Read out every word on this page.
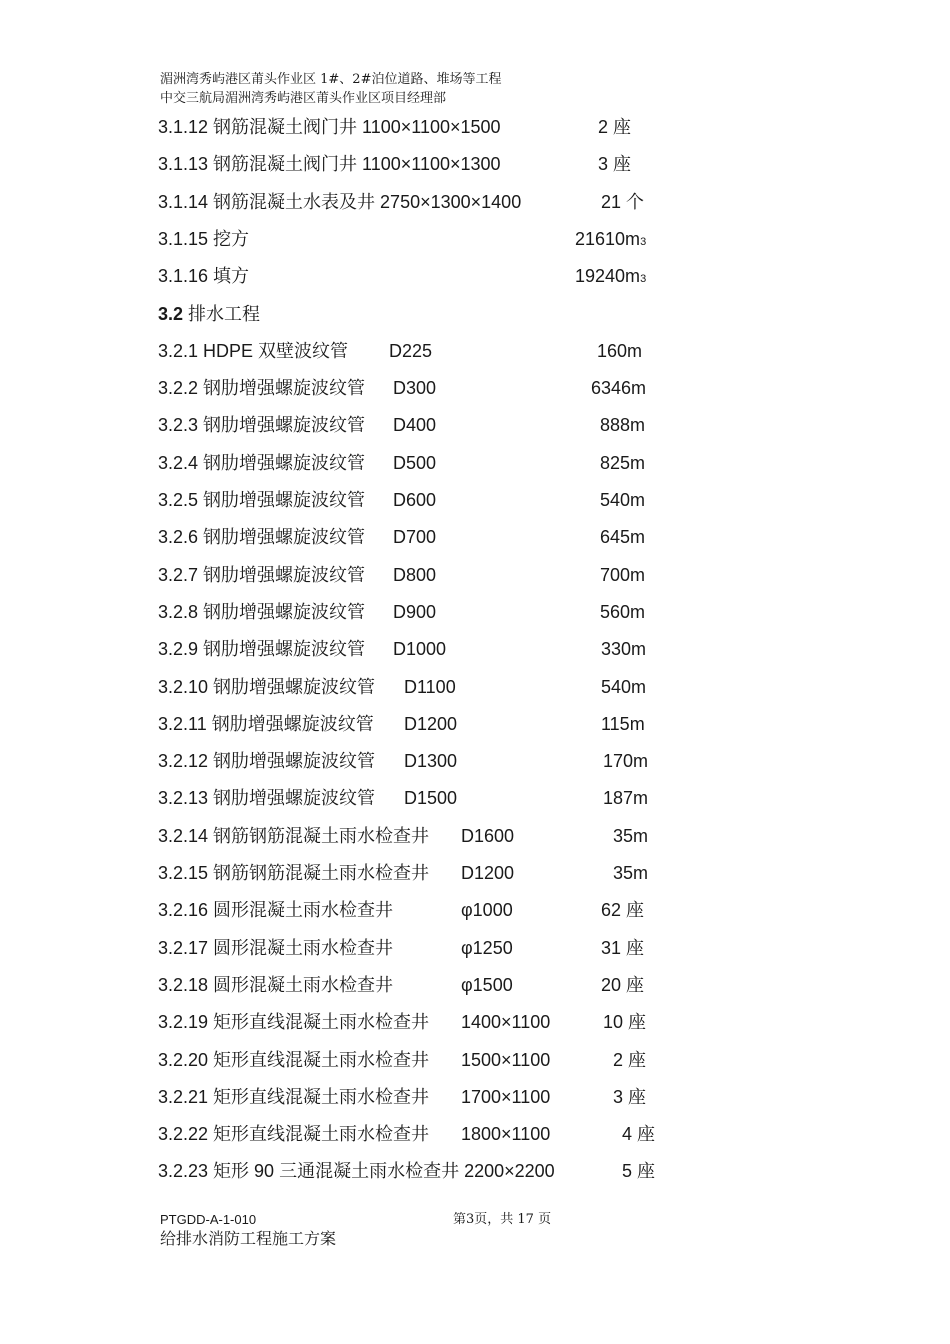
湄洲湾秀屿港区莆头作业区 1#、2#泊位道路、堆场等工程
中交三航局湄洲湾秀屿港区莆头作业区项目经理部
3.1.12 钢筋混凝土阀门井 1100×1100×1500	2 座
3.1.13 钢筋混凝土阀门井 1100×1100×1300	3 座
3.1.14 钢筋混凝土水表及井 2750×1300×1400	21 个
3.1.15 挖方	21610m3
3.1.16 填方	19240m3
3.2 排水工程
3.2.1 HDPE 双壁波纹管 D225	160m
3.2.2 钢肋增强螺旋波纹管 D300	6346m
3.2.3 钢肋增强螺旋波纹管 D400	888m
3.2.4 钢肋增强螺旋波纹管 D500	825m
3.2.5 钢肋增强螺旋波纹管 D600	540m
3.2.6 钢肋增强螺旋波纹管 D700	645m
3.2.7 钢肋增强螺旋波纹管 D800	700m
3.2.8 钢肋增强螺旋波纹管 D900	560m
3.2.9 钢肋增强螺旋波纹管 D1000	330m
3.2.10 钢肋增强螺旋波纹管 D1100	540m
3.2.11 钢肋增强螺旋波纹管 D1200	115m
3.2.12 钢肋增强螺旋波纹管 D1300	170m
3.2.13 钢肋增强螺旋波纹管 D1500	187m
3.2.14 钢筋钢筋混凝土雨水检查井 D1600	35m
3.2.15 钢筋钢筋混凝土雨水检查井 D1200	35m
3.2.16 圆形混凝土雨水检查井	φ1000	62 座
3.2.17 圆形混凝土雨水检查井	φ1250	31 座
3.2.18 圆形混凝土雨水检查井	φ1500	20 座
3.2.19 矩形直线混凝土雨水检查井 1400×1100	10 座
3.2.20 矩形直线混凝土雨水检查井 1500×1100	2 座
3.2.21 矩形直线混凝土雨水检查井 1700×1100	3 座
3.2.22 矩形直线混凝土雨水检查井 1800×1100	4 座
3.2.23 矩形 90 三通混凝土雨水检查井 2200×2200	5 座
PTGDD-A-1-010	第3页，共 17 页
给排水消防工程施工方案
